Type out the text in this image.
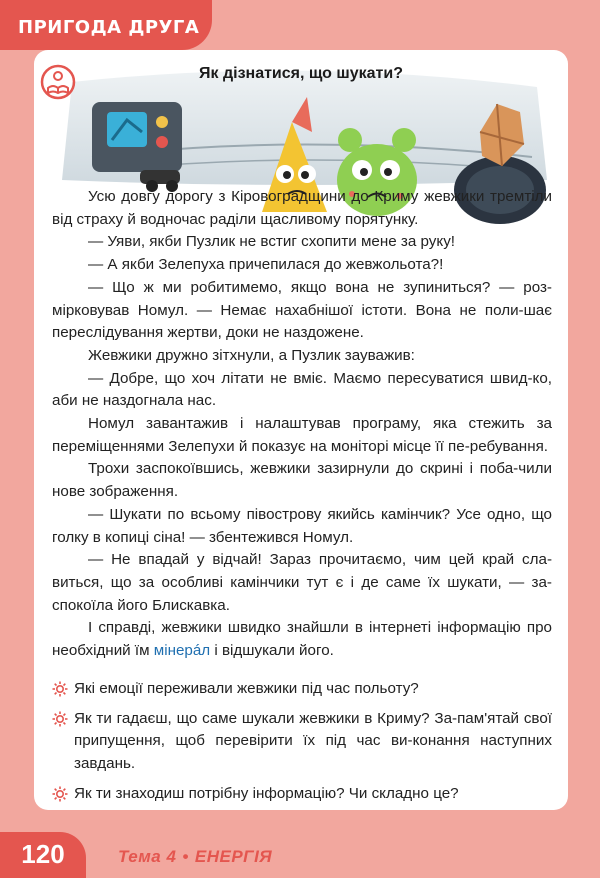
ПРИГОДА ДРУГА
Як дізнатися, що шукати?

Усю довгу дорогу з Кіровоградщини до Криму жевжики тремтіли від страху й водночас раділи щасливому порятунку.

— Уяви, якби Пузлик не встиг схопити мене за руку!

— А якби Зелепуха причепилася до жевжольота?!

— Що ж ми робитимемо, якщо вона не зупиниться? — роз-мірковував Номул. — Немає нахабнішої істоти. Вона не поли-шає переслідування жертви, доки не наздожене.

Жевжики дружно зітхнули, а Пузлик зауважив:

— Добре, що хоч літати не вміє. Маємо пересуватися швид-ко, аби не наздогнала нас.

Номул завантажив і налаштував програму, яка стежить за переміщеннями Зелепухи й показує на моніторі місце її пе-ребування.

Трохи заспокоївшись, жевжики зазирнули до скрині і поба-чили нове зображення.

— Шукати по всьому півострову якийсь камінчик? Усе одно, що голку в копиці сіна! — збентежився Номул.

— Не впадай у відчай! Зараз прочитаємо, чим цей край сла-виться, що за особливі камінчики тут є і де саме їх шукати, — за-спокоїла його Блискавка.

І справді, жевжики швидко знайшли в інтернеті інформацію про необхідний їм мінерáл і відшукали його.

Які емоції переживали жевжики під час польоту?
Як ти гадаєш, що саме шукали жевжики в Криму? За-пам'ятай свої припущення, щоб перевірити їх під час ви-конання наступних завдань.
Як ти знаходиш потрібну інформацію? Чи складно це?
120	Тема 4 • ЕНЕРГІЯ
